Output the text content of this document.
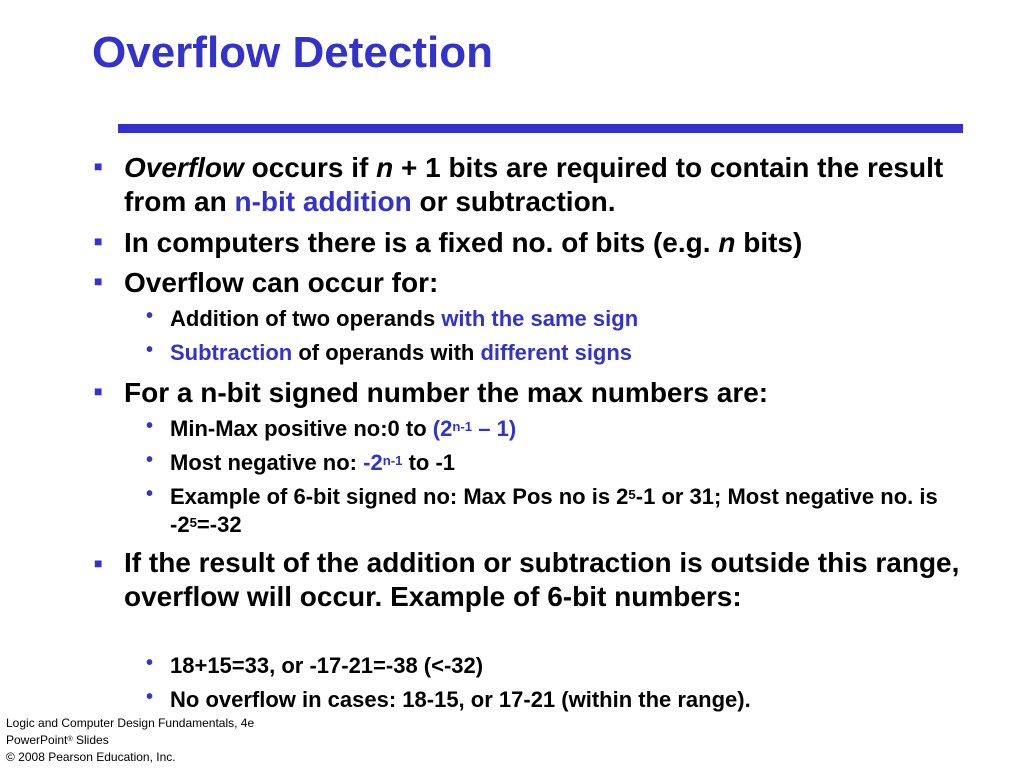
Overflow Detection
■ Overflow occurs if n + 1 bits are required to contain the result from an n-bit addition or subtraction.
■ In computers there is a fixed no. of bits (e.g. n bits)
■ Overflow can occur for:
• Addition of two operands with the same sign
• Subtraction of operands with different signs
■ For a n-bit signed number the max numbers are:
• Min-Max positive no:0 to (2$^{n-1}$ – 1)
• Most negative no: -2$^{n-1}$ to -1
• Example of 6-bit signed no: Max Pos no is $2^5-1$ or 31; Most negative no. is $-2^5=-32$
■ If the result of the addition or subtraction is outside this range, overflow will occur. Example of 6-bit numbers:
• 18+15=33, or -17-21=-38 (<-32)
• No overflow in cases: 18-15, or 17-21 (within the range).
Logic and Computer Design Fundamentals, 4e
PowerPoint® Slides
© 2008 Pearson Education, Inc.
